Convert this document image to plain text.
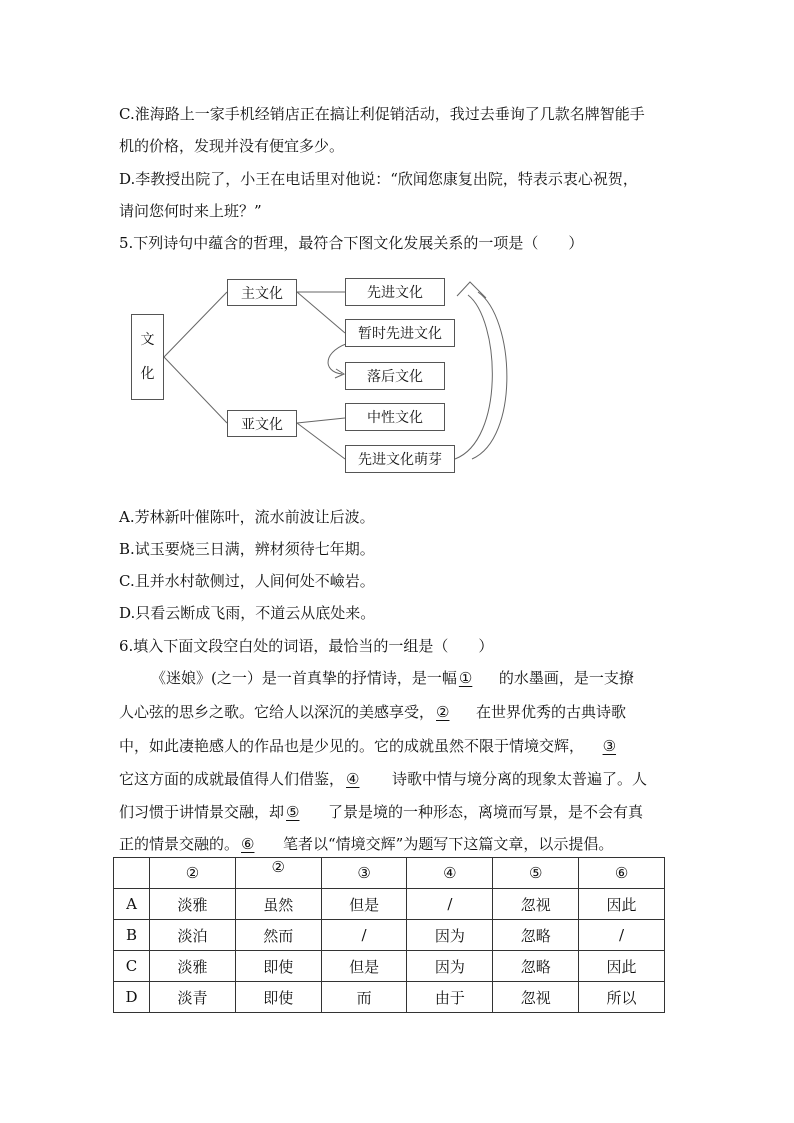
C.淮海路上一家手机经销店正在搞让利促销活动，我过去垂询了几款名牌智能手
机的价格，发现并没有便宜多少。
D.李教授出院了，小王在电话里对他说：“欣闻您康复出院，特表示衷心祝贺，
请问您何时来上班？”
5.下列诗句中蕴含的哲理，最符合下图文化发展关系的一项是（　　）
文
化
主文化
亚文化
先进文化
暂时先进文化
落后文化
中性文化
先进文化萌芽
A.芳林新叶催陈叶，流水前波让后波。
B.试玉要烧三日满，辨材须待七年期。
C.且并水村欹侧过，人间何处不嶮岩。
D.只看云断成飞雨，不道云从底处来。
6.填入下面文段空白处的词语，最恰当的一组是（　　）
《迷娘》(之一）是一首真挚的抒情诗，是一幅 ① 的水墨画，是一支撩
人心弦的思乡之歌。它给人以深沉的美感享受， ② 在世界优秀的古典诗歌
中，如此凄艳感人的作品也是少见的。它的成就虽然不限于情境交辉， ③
它这方面的成就最值得人们借鉴， ④ 诗歌中情与境分离的现象太普遍了。人
们习惯于讲情景交融，却 ⑤ 了景是境的一种形态，离境而写景，是不会有真
正的情景交融的。 ⑥ 笔者以“情境交辉”为题写下这篇文章，以示提倡。
	②	②	③	④	⑤	⑥
A	淡雅	虽然	但是	/	忽视	因此
B	淡泊	然而	/	因为	忽略	/
C	淡雅	即使	但是	因为	忽略	因此
D	淡青	即使	而	由于	忽视	所以
